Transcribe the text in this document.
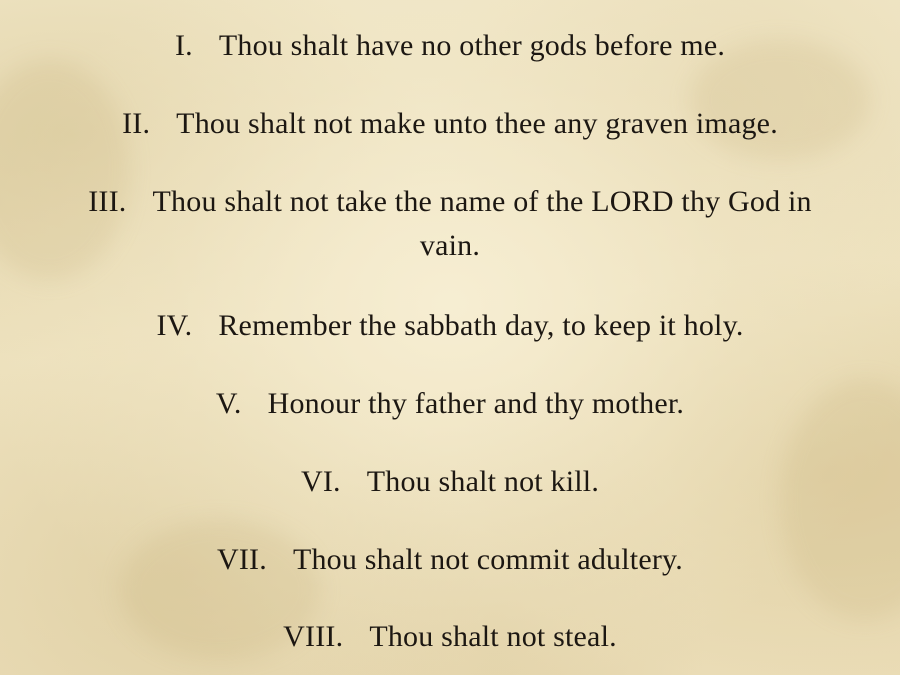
I. Thou shalt have no other gods before me.
II. Thou shalt not make unto thee any graven image.
III. Thou shalt not take the name of the LORD thy God in vain.
IV. Remember the sabbath day, to keep it holy.
V. Honour thy father and thy mother.
VI. Thou shalt not kill.
VII. Thou shalt not commit adultery.
VIII. Thou shalt not steal.
